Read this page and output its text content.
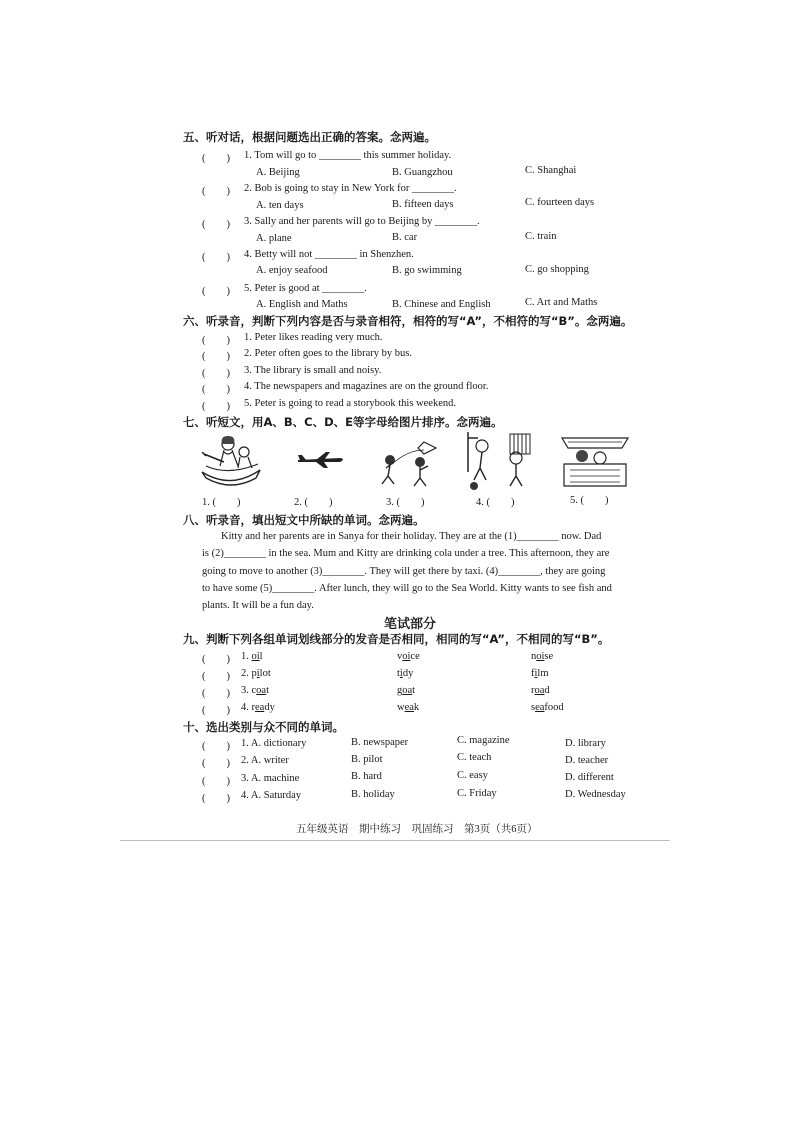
五、听对话，根据问题选出正确的答案。念两遍。
(　　) 1. Tom will go to ________ this summer holiday.
A. Beijing	B. Guangzhou	C. Shanghai
(　　) 2. Bob is going to stay in New York for ________.
A. ten days	B. fifteen days	C. fourteen days
(　　) 3. Sally and her parents will go to Beijing by ________.
A. plane	B. car	C. train
(　　) 4. Betty will not ________ in Shenzhen.
A. enjoy seafood	B. go swimming	C. go shopping
(　　) 5. Peter is good at ________.
A. English and Maths	B. Chinese and English	C. Art and Maths
六、听录音，判断下列内容是否与录音相符，相符的写“A”，不相符的写“B”。念两遍。
(　　) 1. Peter likes reading very much.
(　　) 2. Peter often goes to the library by bus.
(　　) 3. The library is small and noisy.
(　　) 4. The newspapers and magazines are on the ground floor.
(　　) 5. Peter is going to read a storybook this weekend.
七、听短文，用A、B、C、D、E等字母给图片排序。念两遍。
1. (　　)	2. (　　)	3. (　　)	4. (　　)	5. (　　)
八、听录音，填出短文中所缺的单词。念两遍。
Kitty and her parents are in Sanya for their holiday. They are at the (1)________ now. Dad
is (2)________ in the sea. Mum and Kitty are drinking cola under a tree. This afternoon, they are
going to move to another (3)________. They will get there by taxi. (4)________, they are going
to have some (5)________. After lunch, they will go to the Sea World. Kitty wants to see fish and
plants. It will be a fun day.
笔试部分
九、判断下列各组单词划线部分的发音是否相同，相同的写“A”，不相同的写“B”。
(　　) 1. oil	voice	noise
(　　) 2. pilot	tidy	film
(　　) 3. coat	goat	road
(　　) 4. ready	weak	seafood
十、选出类别与众不同的单词。
(　　) 1. A. dictionary	B. newspaper	C. magazine	D. library
(　　) 2. A. writer	B. pilot	C. teach	D. teacher
(　　) 3. A. machine	B. hard	C. easy	D. different
(　　) 4. A. Saturday	B. holiday	C. Friday	D. Wednesday
五年级英语　期中练习　巩固练习　第3页（共6页）
